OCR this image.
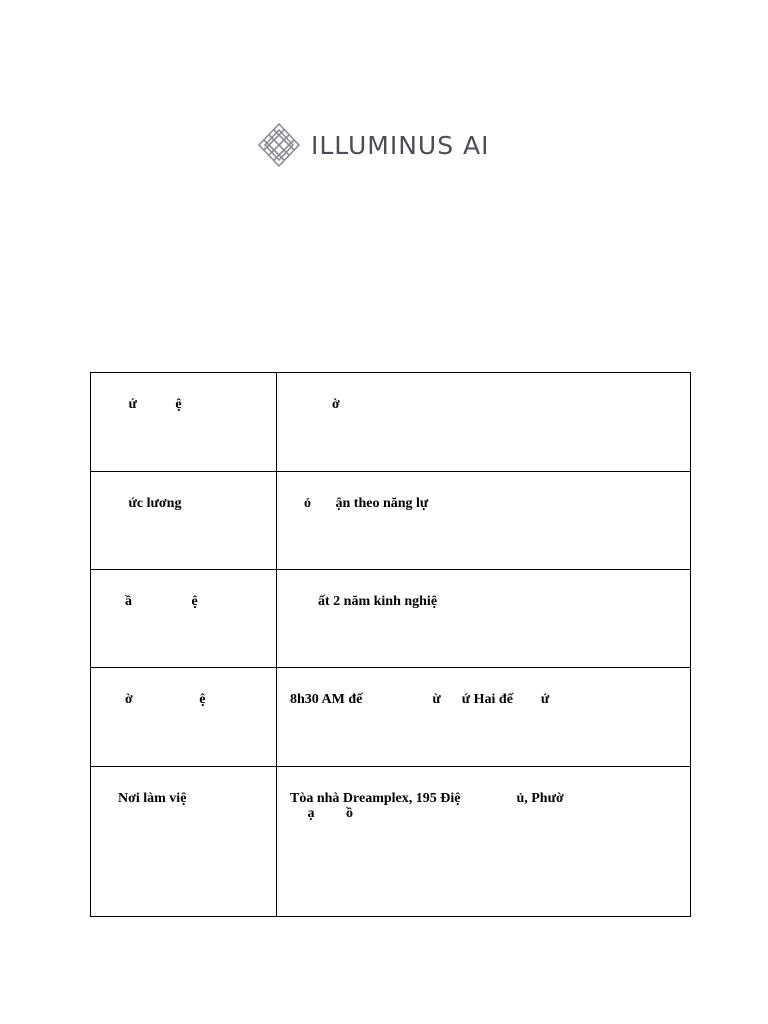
ILLUMINUS AI
ứ           ệ	ờ
ức lương	ỏ       ận theo năng lự
ầ                 ệ	ất 2 năm kinh nghiệ
ờ                   ệ	8h30 AM đế                    ừ      ứ Hai đế        ứ
Nơi làm việ	Tòa nhà Dreamplex, 195 Điệ                ủ, Phườ
ạ         ồ
